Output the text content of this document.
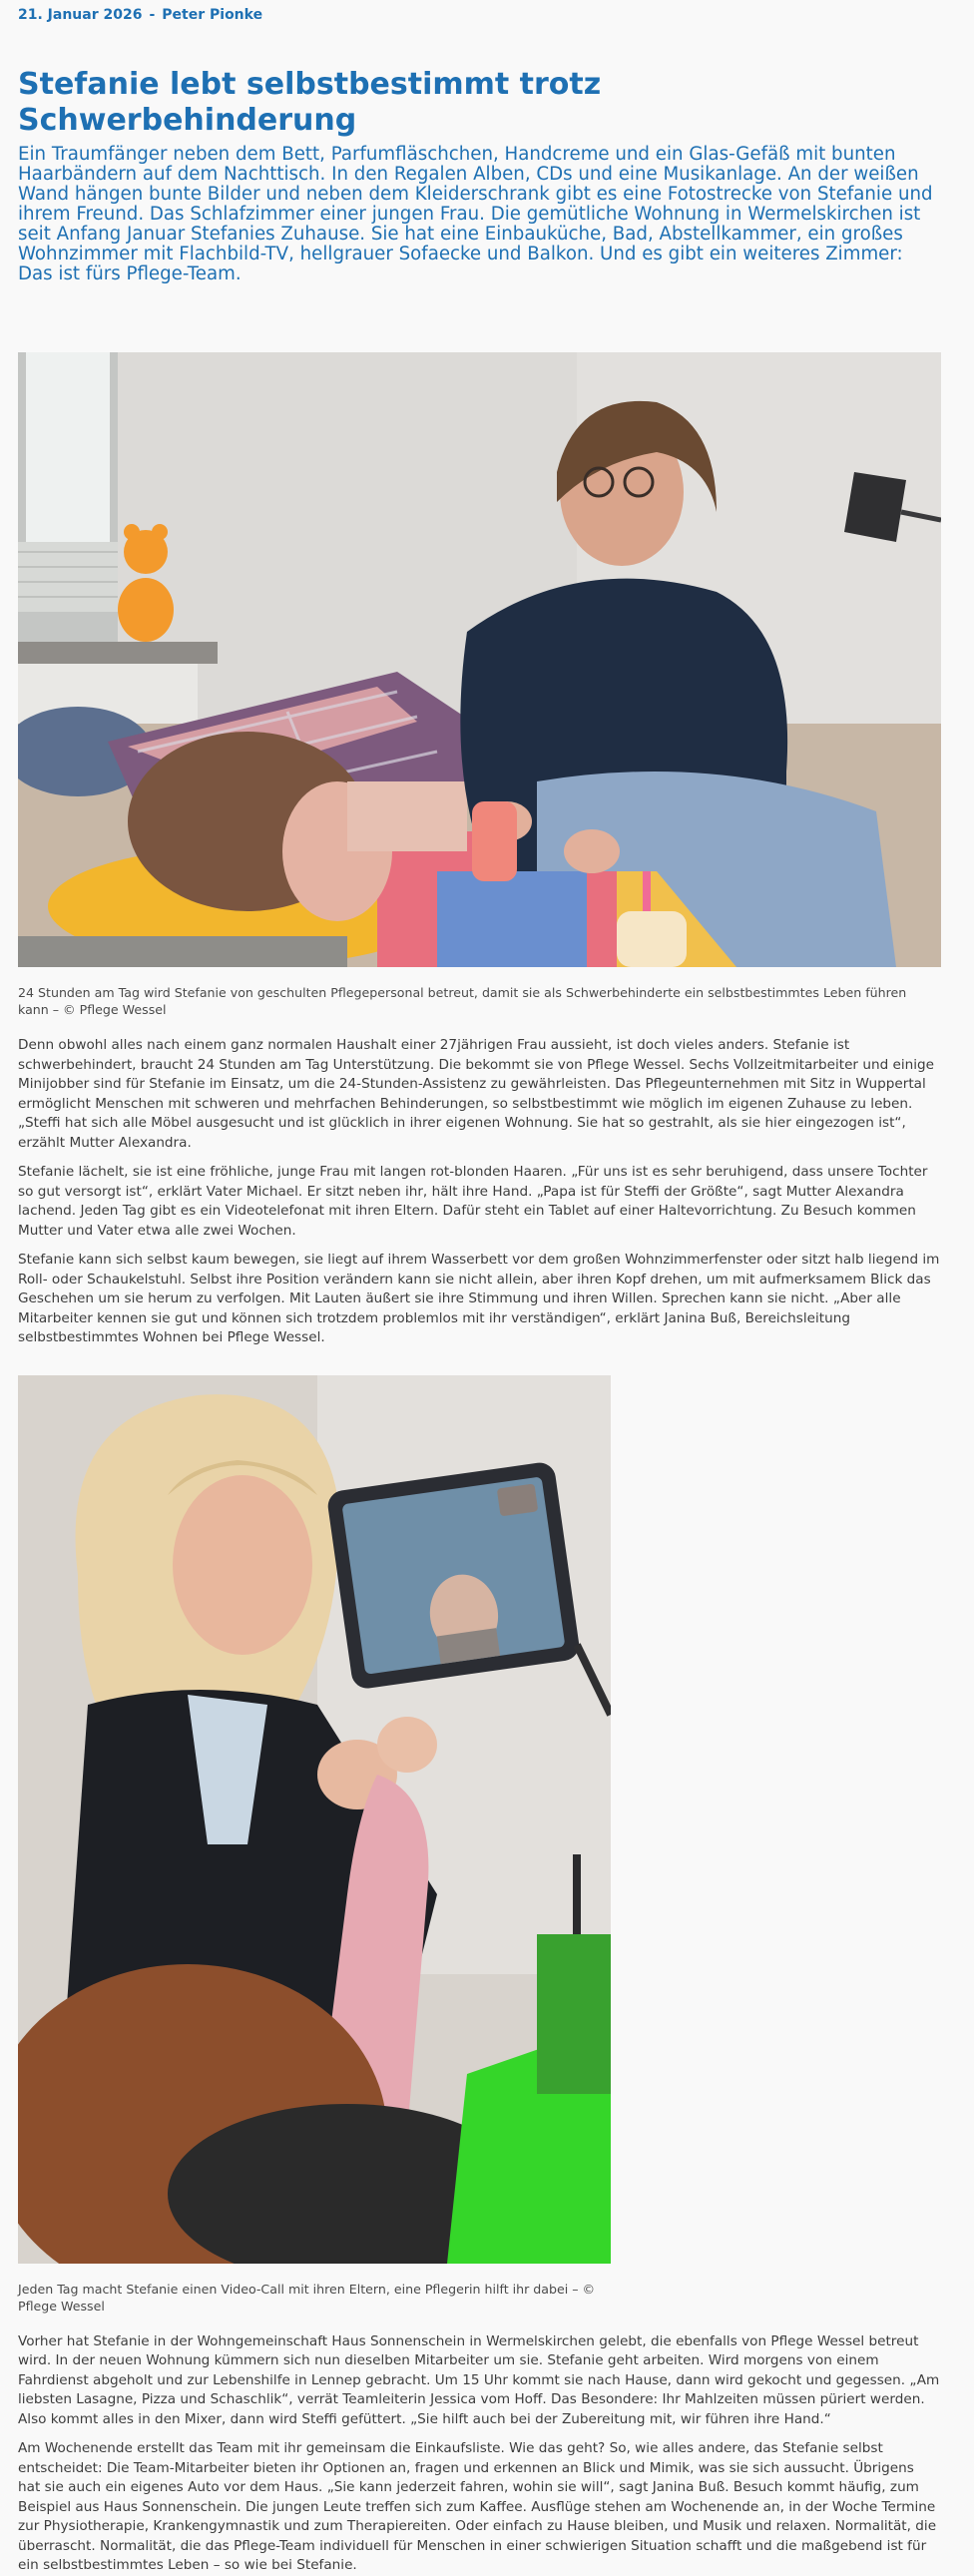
21. Januar 2026 - Peter Pionke
Stefanie lebt selbstbestimmt trotz Schwerbehinderung

Ein Traumfänger neben dem Bett, Parfumfläschchen, Handcreme und ein Glas-Gefäß mit bunten Haarbändern auf dem Nachttisch. In den Regalen Alben, CDs und eine Musikanlage. An der weißen Wand hängen bunte Bilder und neben dem Kleiderschrank gibt es eine Fotostrecke von Stefanie und ihrem Freund. Das Schlafzimmer einer jungen Frau. Die gemütliche Wohnung in Wermelskirchen ist seit Anfang Januar Stefanies Zuhause. Sie hat eine Einbauküche, Bad, Abstellkammer, ein großes Wohnzimmer mit Flachbild-TV, hellgrauer Sofaecke und Balkon. Und es gibt ein weiteres Zimmer: Das ist fürs Pflege-Team.

24 Stunden am Tag wird Stefanie von geschulten Pflegepersonal betreut, damit sie als Schwerbehinderte ein selbstbestimmtes Leben führen kann – © Pflege Wessel

Denn obwohl alles nach einem ganz normalen Haushalt einer 27jährigen Frau aussieht, ist doch vieles anders. Stefanie ist schwerbehindert, braucht 24 Stunden am Tag Unterstützung. Die bekommt sie von Pflege Wessel. Sechs Vollzeitmitarbeiter und einige Minijobber sind für Stefanie im Einsatz, um die 24-Stunden-Assistenz zu gewährleisten. Das Pflegeunternehmen mit Sitz in Wuppertal ermöglicht Menschen mit schweren und mehrfachen Behinderungen, so selbstbestimmt wie möglich im eigenen Zuhause zu leben. „Steffi hat sich alle Möbel ausgesucht und ist glücklich in ihrer eigenen Wohnung. Sie hat so gestrahlt, als sie hier eingezogen ist“, erzählt Mutter Alexandra.

Stefanie lächelt, sie ist eine fröhliche, junge Frau mit langen rot-blonden Haaren. „Für uns ist es sehr beruhigend, dass unsere Tochter so gut versorgt ist“, erklärt Vater Michael. Er sitzt neben ihr, hält ihre Hand. „Papa ist für Steffi der Größte“, sagt Mutter Alexandra lachend. Jeden Tag gibt es ein Videotelefonat mit ihren Eltern. Dafür steht ein Tablet auf einer Haltevorrichtung. Zu Besuch kommen Mutter und Vater etwa alle zwei Wochen.

Stefanie kann sich selbst kaum bewegen, sie liegt auf ihrem Wasserbett vor dem großen Wohnzimmerfenster oder sitzt halb liegend im Roll- oder Schaukelstuhl. Selbst ihre Position verändern kann sie nicht allein, aber ihren Kopf drehen, um mit aufmerksamem Blick das Geschehen um sie herum zu verfolgen. Mit Lauten äußert sie ihre Stimmung und ihren Willen. Sprechen kann sie nicht. „Aber alle Mitarbeiter kennen sie gut und können sich trotzdem problemlos mit ihr verständigen“, erklärt Janina Buß, Bereichsleitung selbstbestimmtes Wohnen bei Pflege Wessel.

Jeden Tag macht Stefanie einen Video-Call mit ihren Eltern, eine Pflegerin hilft ihr dabei – © Pflege Wessel

Vorher hat Stefanie in der Wohngemeinschaft Haus Sonnenschein in Wermelskirchen gelebt, die ebenfalls von Pflege Wessel betreut wird. In der neuen Wohnung kümmern sich nun dieselben Mitarbeiter um sie. Stefanie geht arbeiten. Wird morgens von einem Fahrdienst abgeholt und zur Lebenshilfe in Lennep gebracht. Um 15 Uhr kommt sie nach Hause, dann wird gekocht und gegessen. „Am liebsten Lasagne, Pizza und Schaschlik“, verrät Teamleiterin Jessica vom Hoff. Das Besondere: Ihr Mahlzeiten müssen püriert werden. Also kommt alles in den Mixer, dann wird Steffi gefüttert. „Sie hilft auch bei der Zubereitung mit, wir führen ihre Hand.“

Am Wochenende erstellt das Team mit ihr gemeinsam die Einkaufsliste. Wie das geht? So, wie alles andere, das Stefanie selbst entscheidet: Die Team-Mitarbeiter bieten ihr Optionen an, fragen und erkennen an Blick und Mimik, was sie sich aussucht. Übrigens hat sie auch ein eigenes Auto vor dem Haus. „Sie kann jederzeit fahren, wohin sie will“, sagt Janina Buß. Besuch kommt häufig, zum Beispiel aus Haus Sonnenschein. Die jungen Leute treffen sich zum Kaffee. Ausflüge stehen am Wochenende an, in der Woche Termine zur Physiotherapie, Krankengymnastik und zum Therapiereiten. Oder einfach zu Hause bleiben, und Musik und relaxen. Normalität, die überrascht. Normalität, die das Pflege-Team individuell für Menschen in einer schwierigen Situation schafft und die maßgebend ist für ein selbstbestimmtes Leben – so wie bei Stefanie.
